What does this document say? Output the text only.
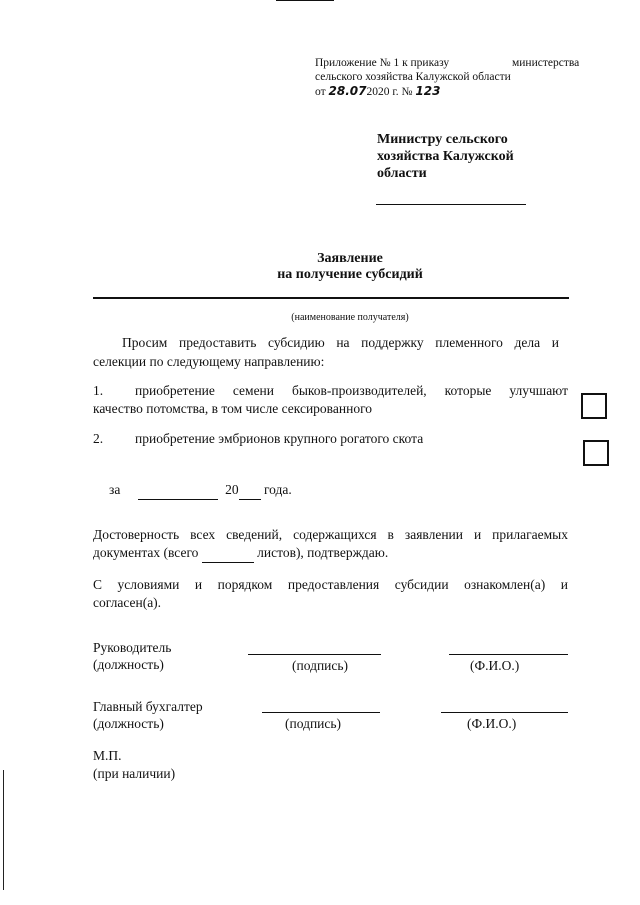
Приложение № 1 к приказу	министерства
сельского хозяйства Калужской области
от 28.072020 г. № 123
Министру сельского
хозяйства Калужской
области
Заявление
на получение субсидий
(наименование получателя)
Просим предоставить субсидию на поддержку племенного дела и
селекции по следующему направлению:
1. приобретение семени быков-производителей, которые улучшают
качество потомства, в том числе сексированного
2. приобретение эмбрионов крупного рогатого скота
за	20 года.
Достоверность всех сведений, содержащихся в заявлении и прилагаемых
документах (всего	листов), подтверждаю.
С условиями и порядком предоставления субсидии ознакомлен(а) и
согласен(а).
Руководитель
(должность)	(подпись)	(Ф.И.О.)
Главный бухгалтер
(должность)	(подпись)	(Ф.И.О.)
М.П.
(при наличии)
